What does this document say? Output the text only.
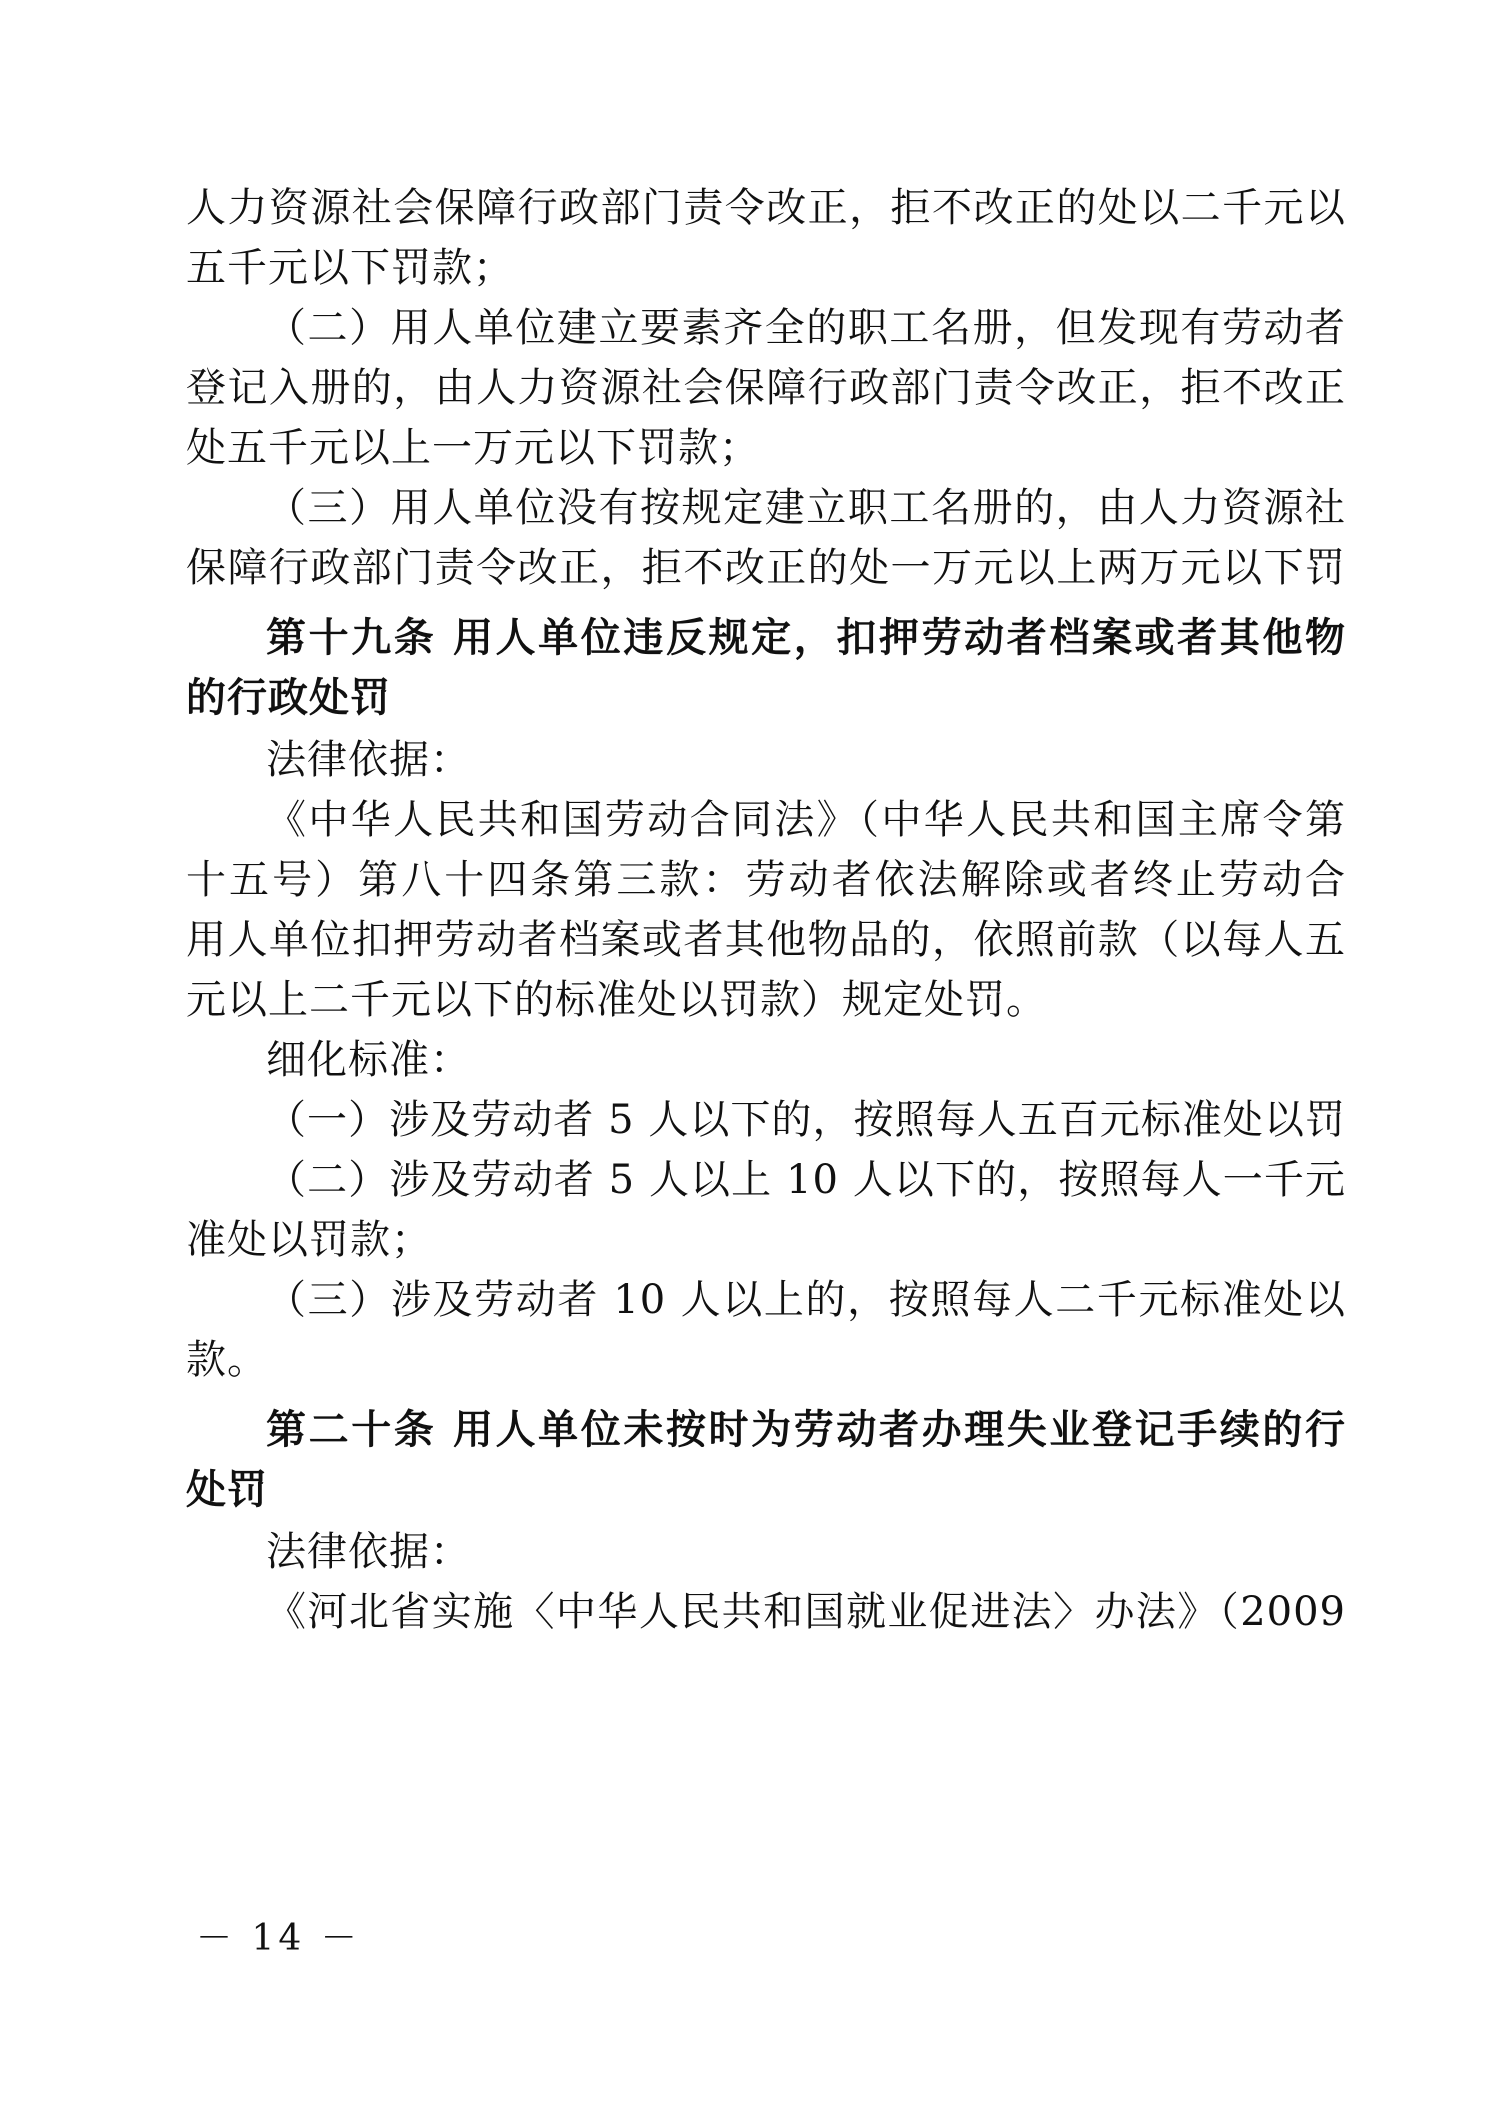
人力资源社会保障行政部门责令改正，拒不改正的处以二千元以
五千元以下罚款；
（二）用人单位建立要素齐全的职工名册，但发现有劳动者
登记入册的，由人力资源社会保障行政部门责令改正，拒不改正
处五千元以上一万元以下罚款；
（三）用人单位没有按规定建立职工名册的，由人力资源社
保障行政部门责令改正，拒不改正的处一万元以上两万元以下罚
第十九条 用人单位违反规定，扣押劳动者档案或者其他物
的行政处罚
法律依据：
《中华人民共和国劳动合同法》（中华人民共和国主席令第
十五号）第八十四条第三款：劳动者依法解除或者终止劳动合
用人单位扣押劳动者档案或者其他物品的，依照前款（以每人五
元以上二千元以下的标准处以罚款）规定处罚。
细化标准：
（一）涉及劳动者 5 人以下的，按照每人五百元标准处以罚
（二）涉及劳动者 5 人以上 10 人以下的，按照每人一千元
准处以罚款；
（三）涉及劳动者 10 人以上的，按照每人二千元标准处以
款。
第二十条 用人单位未按时为劳动者办理失业登记手续的行
处罚
法律依据：
《河北省实施〈中华人民共和国就业促进法〉办法》（2009
－ 14 －
